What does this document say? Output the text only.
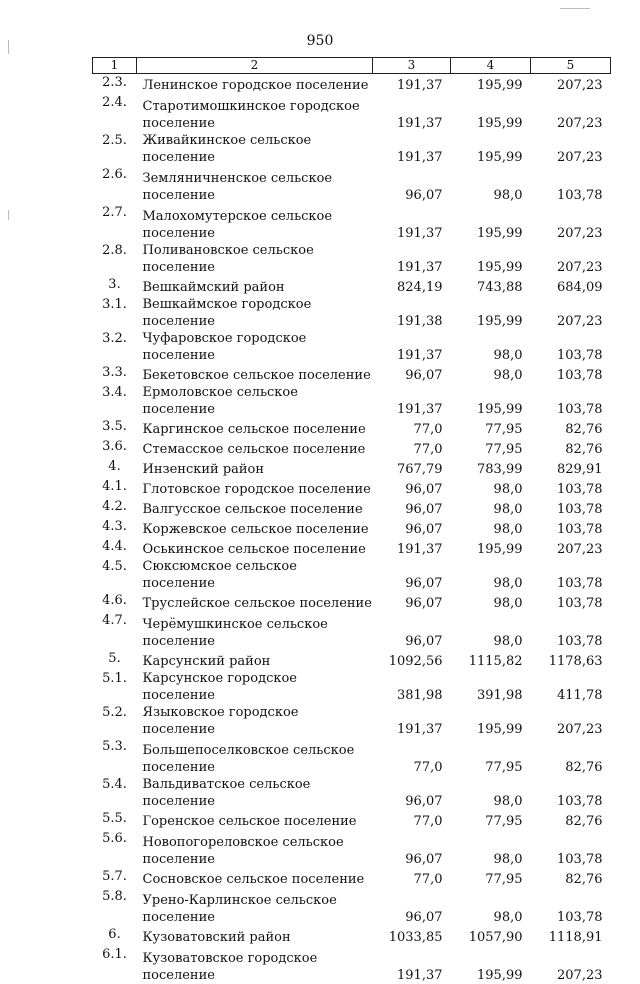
950
1	2	3	4	5
2.3.	Ленинское городское поселение	191,37	195,99	207,23
2.4.	Старотимошкинское городское поселение	191,37	195,99	207,23
2.5.	Живайкинское сельское поселение	191,37	195,99	207,23
2.6.	Земляничненское сельское поселение	96,07	98,0	103,78
2.7.	Малохомутерское сельское поселение	191,37	195,99	207,23
2.8.	Поливановское сельское поселение	191,37	195,99	207,23
3.	Вешкаймский район	824,19	743,88	684,09
3.1.	Вешкаймское городское поселение	191,38	195,99	207,23
3.2.	Чуфаровское городское поселение	191,37	98,0	103,78
3.3.	Бекетовское сельское поселение	96,07	98,0	103,78
3.4.	Ермоловское сельское поселение	191,37	195,99	103,78
3.5.	Каргинское сельское поселение	77,0	77,95	82,76
3.6.	Стемасское сельское поселение	77,0	77,95	82,76
4.	Инзенский район	767,79	783,99	829,91
4.1.	Глотовское городское поселение	96,07	98,0	103,78
4.2.	Валгусское сельское поселение	96,07	98,0	103,78
4.3.	Коржевское сельское поселение	96,07	98,0	103,78
4.4.	Оськинское сельское поселение	191,37	195,99	207,23
4.5.	Сюксюмское сельское поселение	96,07	98,0	103,78
4.6.	Труслейское сельское поселение	96,07	98,0	103,78
4.7.	Черёмушкинское сельское поселение	96,07	98,0	103,78
5.	Карсунский район	1092,56	1115,82	1178,63
5.1.	Карсунское городское поселение	381,98	391,98	411,78
5.2.	Языковское городское поселение	191,37	195,99	207,23
5.3.	Большепоселковское сельское поселение	77,0	77,95	82,76
5.4.	Вальдиватское сельское поселение	96,07	98,0	103,78
5.5.	Горенское сельское поселение	77,0	77,95	82,76
5.6.	Новопогореловское сельское поселение	96,07	98,0	103,78
5.7.	Сосновское сельское поселение	77,0	77,95	82,76
5.8.	Урено-Карлинское сельское поселение	96,07	98,0	103,78
6.	Кузоватовский район	1033,85	1057,90	1118,91
6.1.	Кузоватовское городское поселение	191,37	195,99	207,23
